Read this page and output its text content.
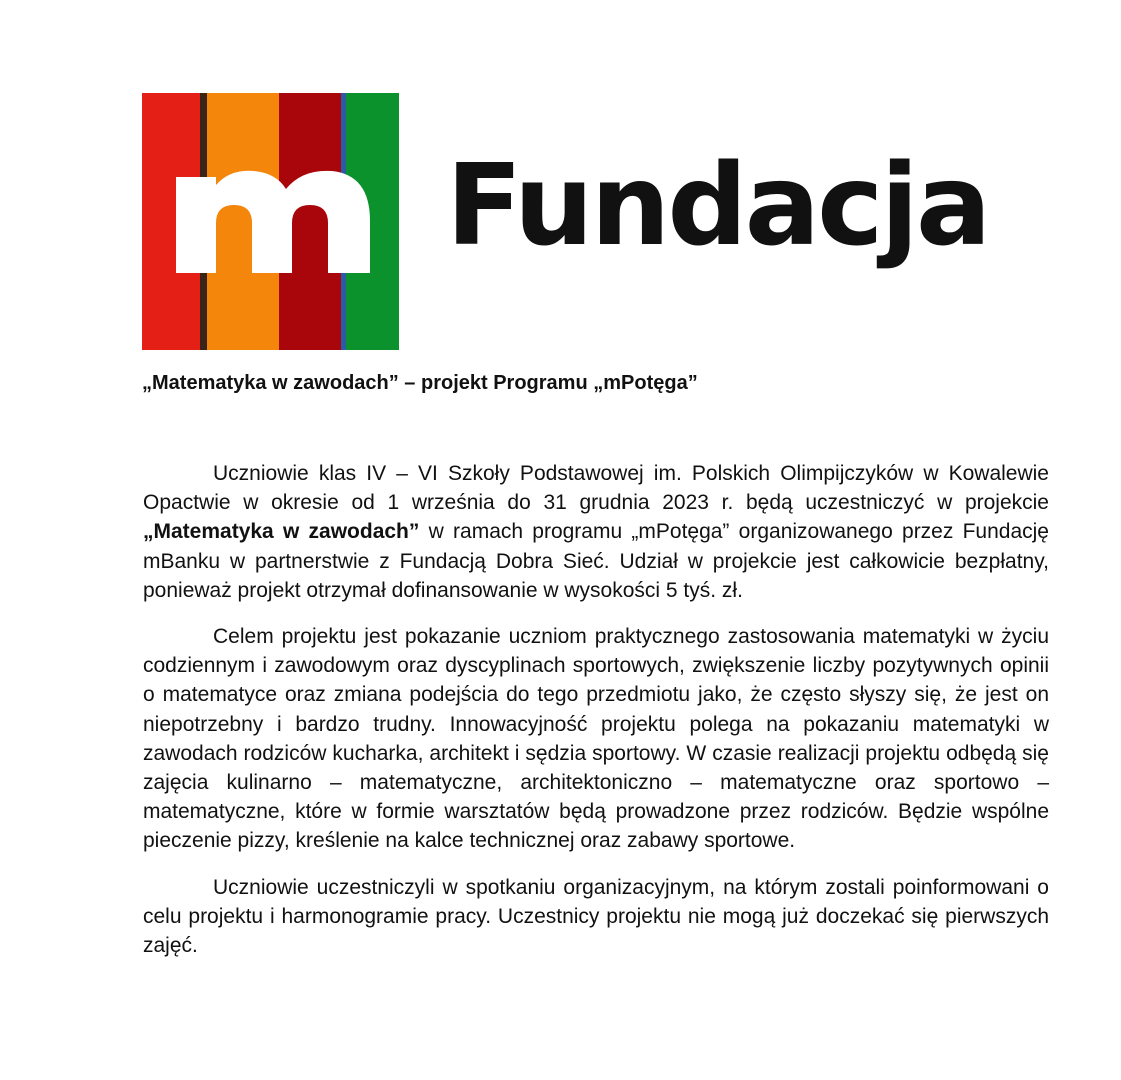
Fundacja
„Matematyka w zawodach” – projekt Programu „mPotęga”

Uczniowie klas IV – VI Szkoły Podstawowej im. Polskich Olimpijczyków w Kowalewie Opactwie w okresie od 1 września do 31 grudnia 2023 r. będą uczestniczyć w projekcie „Matematyka w zawodach” w ramach programu „mPotęga” organizowanego przez Fundację mBanku w partnerstwie z Fundacją Dobra Sieć. Udział w projekcie jest całkowicie bezpłatny, ponieważ projekt otrzymał dofinansowanie w wysokości 5 tyś. zł.

Celem projektu jest pokazanie uczniom praktycznego zastosowania matematyki w życiu codziennym i zawodowym oraz dyscyplinach sportowych, zwiększenie liczby pozytywnych opinii o matematyce oraz zmiana podejścia do tego przedmiotu jako, że często słyszy się, że jest on niepotrzebny i bardzo trudny. Innowacyjność projektu polega na pokazaniu matematyki w zawodach rodziców kucharka, architekt i sędzia sportowy. W czasie realizacji projektu odbędą się zajęcia kulinarno – matematyczne, architektoniczno – matematyczne oraz sportowo – matematyczne, które w formie warsztatów będą prowadzone przez rodziców. Będzie wspólne pieczenie pizzy, kreślenie na kalce technicznej oraz zabawy sportowe.

Uczniowie uczestniczyli w spotkaniu organizacyjnym, na którym zostali poinformowani o celu projektu i harmonogramie pracy. Uczestnicy projektu nie mogą już doczekać się pierwszych zajęć.
